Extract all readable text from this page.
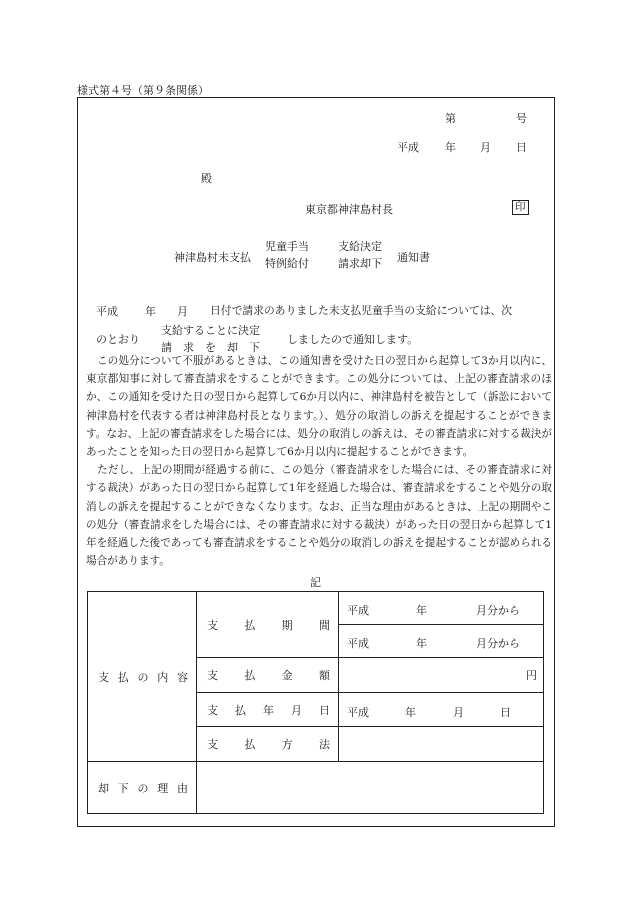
様式第４号（第９条関係）
第	号
平成 年 月 日
殿
東京都神津島村長	印
神津島村未支払
児童手当
特例給付
支給決定
請求却下 通知書
平成 年 月 日付で請求のありました未支払児童手当の支給については、次
のとおり
支給することに決定
請　求　を　却　下
しましたので通知します。

この処分について不服があるときは、この通知書を受けた日の翌日から起算して3か月以内に、東京都知事に対して審査請求をすることができます。この処分については、上記の審査請求のほか、この通知を受けた日の翌日から起算して6か月以内に、神津島村を被告として（訴訟において神津島村を代表する者は神津島村長となります。）、処分の取消しの訴えを提起することができます。なお、上記の審査請求をした場合には、処分の取消しの訴えは、その審査請求に対する裁決があったことを知った日の翌日から起算して6か月以内に提起することができます。

ただし、上記の期間が経過する前に、この処分（審査請求をした場合には、その審査請求に対する裁決）があった日の翌日から起算して1年を経過した場合は、審査請求をすることや処分の取消しの訴えを提起することができなくなります。なお、正当な理由があるときは、上記の期間やこの処分（審査請求をした場合には、その審査請求に対する裁決）があった日の翌日から起算して1年を経過した後であっても審査請求をすることや処分の取消しの訴えを提起することが認められる場合があります。

記
支 払 の 内 容	支 払 期 間	平成 年 月分から

		平成 年 月分から

	支 払 金 額	円

	支 払 年 月 日	平成 年 月 日

	支 払 方 法	

却 下 の 理 由		
